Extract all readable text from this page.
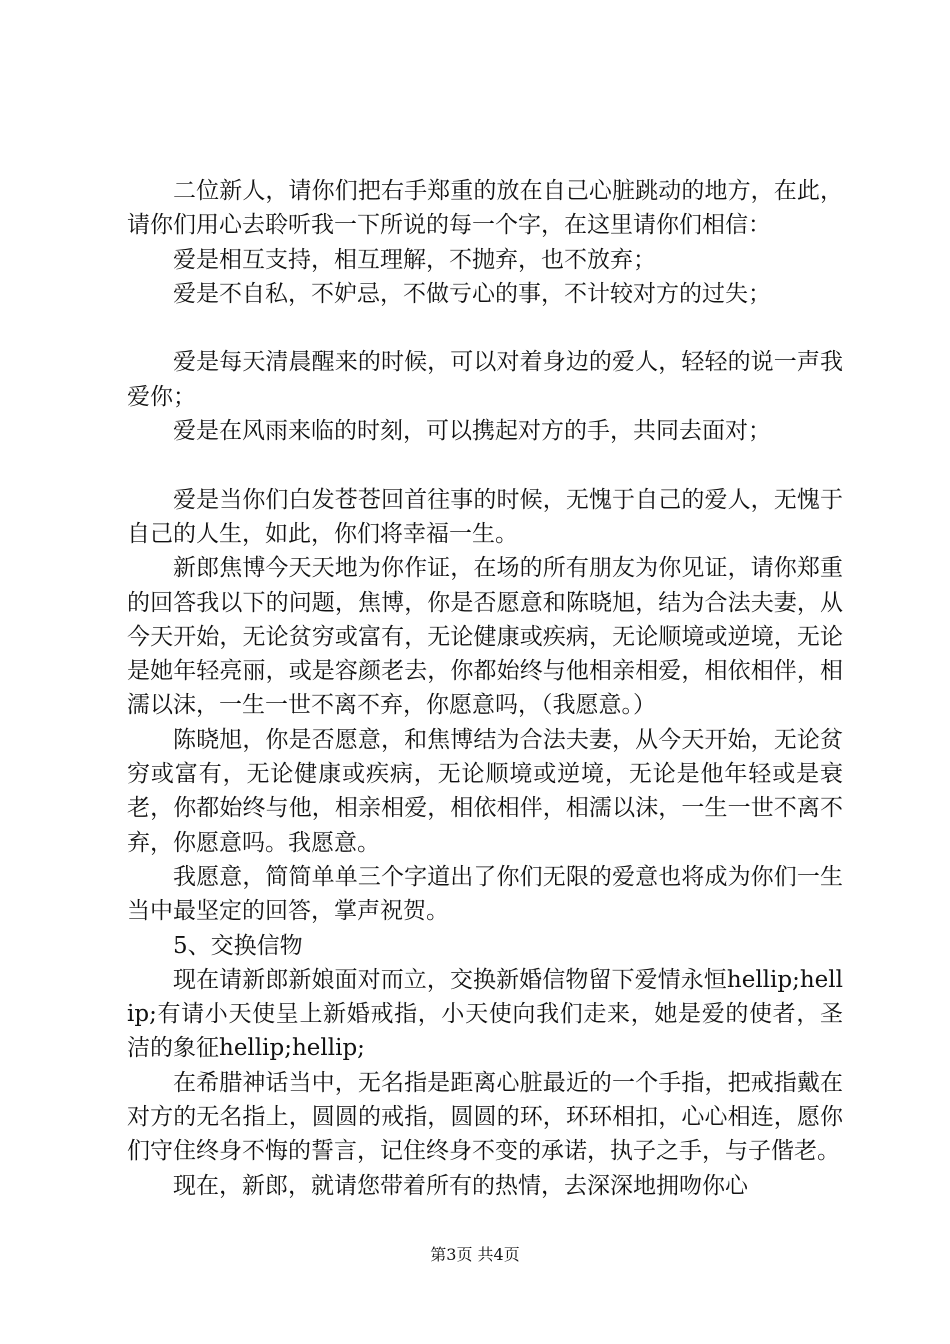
二位新人，请你们把右手郑重的放在自己心脏跳动的地方，在此，请你们用心去聆听我一下所说的每一个字，在这里请你们相信：

爱是相互支持，相互理解，不抛弃，也不放弃；

爱是不自私，不妒忌，不做亏心的事，不计较对方的过失；

爱是每天清晨醒来的时候，可以对着身边的爱人，轻轻的说一声我爱你；

爱是在风雨来临的时刻，可以携起对方的手，共同去面对；

爱是当你们白发苍苍回首往事的时候，无愧于自己的爱人，无愧于自己的人生，如此，你们将幸福一生。

新郎焦博今天天地为你作证，在场的所有朋友为你见证，请你郑重的回答我以下的问题，焦博，你是否愿意和陈晓旭，结为合法夫妻，从今天开始，无论贫穷或富有，无论健康或疾病，无论顺境或逆境，无论是她年轻亮丽，或是容颜老去，你都始终与他相亲相爱，相依相伴，相濡以沫，一生一世不离不弃，你愿意吗，（我愿意。）

陈晓旭，你是否愿意，和焦博结为合法夫妻，从今天开始，无论贫穷或富有，无论健康或疾病，无论顺境或逆境，无论是他年轻或是衰老，你都始终与他，相亲相爱，相依相伴，相濡以沫，一生一世不离不弃，你愿意吗。我愿意。

我愿意，简简单单三个字道出了你们无限的爱意也将成为你们一生当中最坚定的回答，掌声祝贺。

5、交换信物

现在请新郎新娘面对而立，交换新婚信物留下爱情永恒hellip;hellip;有请小天使呈上新婚戒指，小天使向我们走来，她是爱的使者，圣洁的象征hellip;hellip;

在希腊神话当中，无名指是距离心脏最近的一个手指，把戒指戴在对方的无名指上，圆圆的戒指，圆圆的环，环环相扣，心心相连，愿你们守住终身不悔的誓言，记住终身不变的承诺，执子之手，与子偕老。

现在，新郎，就请您带着所有的热情，去深深地拥吻你心

第3页 共4页
